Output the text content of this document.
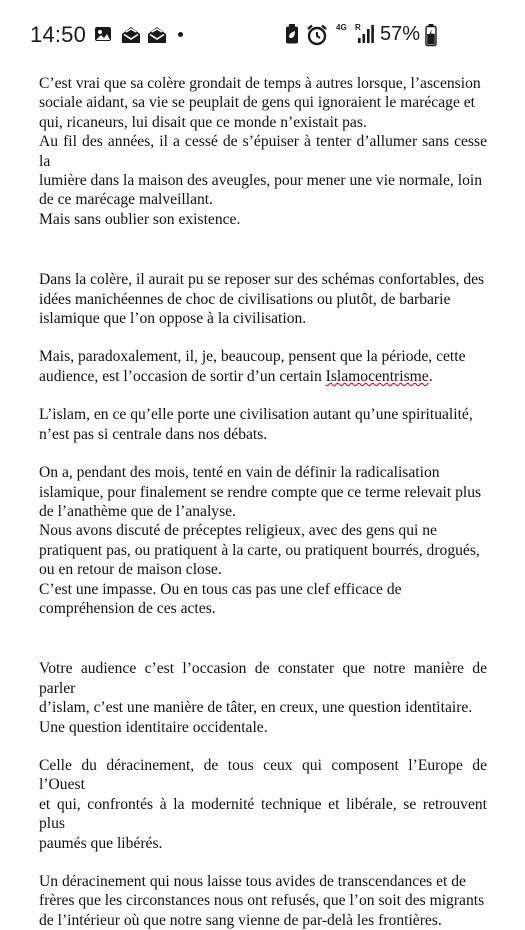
14:50	4G R 57%
C’est vrai que sa colère grondait de temps à autres lorsque, l’ascension
sociale aidant, sa vie se peuplait de gens qui ignoraient le marécage et
qui, ricaneurs, lui disait que ce monde n’existait pas.
Au fil des années, il a cessé de s’épuiser à tenter d’allumer sans cesse la
lumière dans la maison des aveugles, pour mener une vie normale, loin
de ce marécage malveillant.
Mais sans oublier son existence.
Dans la colère, il aurait pu se reposer sur des schémas confortables, des
idées manichéennes de choc de civilisations ou plutôt, de barbarie
islamique que l’on oppose à la civilisation.
Mais, paradoxalement, il, je, beaucoup, pensent que la période, cette
audience, est l’occasion de sortir d’un certain Islamocentrisme.
L’islam, en ce qu’elle porte une civilisation autant qu’une spiritualité,
n’est pas si centrale dans nos débats.
On a, pendant des mois, tenté en vain de définir la radicalisation
islamique, pour finalement se rendre compte que ce terme relevait plus
de l’anathème que de l’analyse.
Nous avons discuté de préceptes religieux, avec des gens qui ne
pratiquent pas, ou pratiquent à la carte, ou pratiquent bourrés, drogués,
ou en retour de maison close.
C’est une impasse. Ou en tous cas pas une clef efficace de
compréhension de ces actes.
Votre audience c’est l’occasion de constater que notre manière de parler
d’islam, c’est une manière de tâter, en creux, une question identitaire.
Une question identitaire occidentale.
Celle du déracinement, de tous ceux qui composent l’Europe de l’Ouest
et qui, confrontés à la modernité technique et libérale, se retrouvent plus
paumés que libérés.
Un déracinement qui nous laisse tous avides de transcendances et de
frères que les circonstances nous ont refusés, que l’on soit des migrants
de l’intérieur où que notre sang vienne de par-delà les frontières.
